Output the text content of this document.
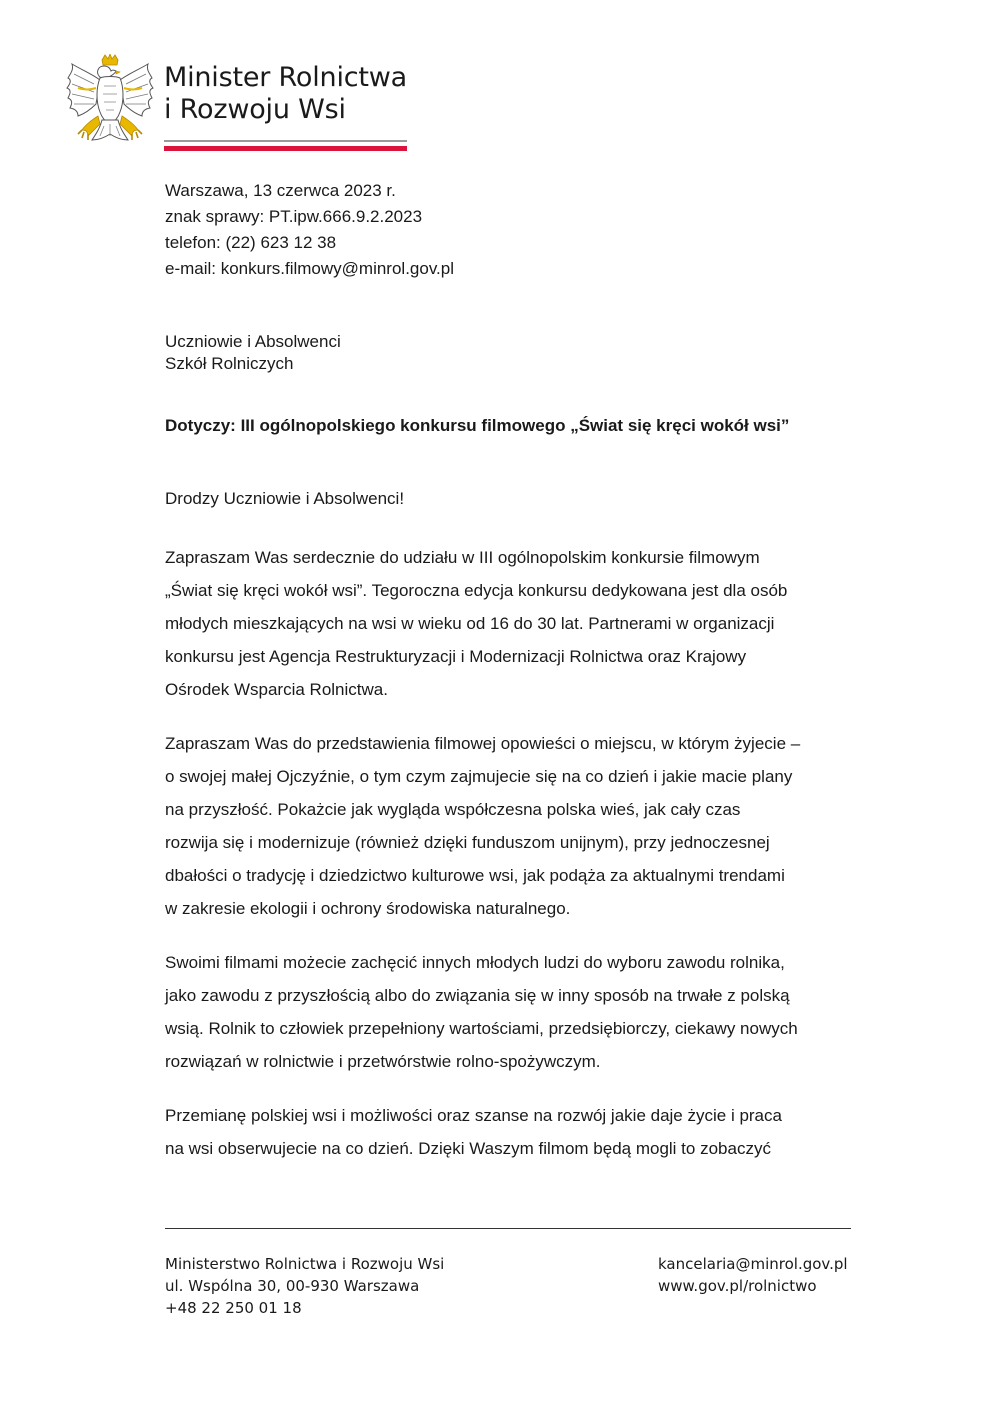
Minister Rolnictwa
i Rozwoju Wsi
Warszawa, 13 czerwca 2023 r.
znak sprawy: PT.ipw.666.9.2.2023
telefon: (22) 623 12 38
e-mail: konkurs.filmowy@minrol.gov.pl
Uczniowie i Absolwenci
Szkół Rolniczych
Dotyczy: III ogólnopolskiego konkursu filmowego „Świat się kręci wokół wsi”
Drodzy Uczniowie i Absolwenci!
Zapraszam Was serdecznie do udziału w III ogólnopolskim konkursie filmowym
„Świat się kręci wokół wsi”. Tegoroczna edycja konkursu dedykowana jest dla osób
młodych mieszkających na wsi w wieku od 16 do 30 lat. Partnerami w organizacji
konkursu jest Agencja Restrukturyzacji i Modernizacji Rolnictwa oraz Krajowy
Ośrodek Wsparcia Rolnictwa.
Zapraszam Was do przedstawienia filmowej opowieści o miejscu, w którym żyjecie –
o swojej małej Ojczyźnie, o tym czym zajmujecie się na co dzień i jakie macie plany
na przyszłość. Pokażcie jak wygląda współczesna polska wieś, jak cały czas
rozwija się i modernizuje (również dzięki funduszom unijnym), przy jednoczesnej
dbałości o tradycję i dziedzictwo kulturowe wsi, jak podąża za aktualnymi trendami
w zakresie ekologii i ochrony środowiska naturalnego.
Swoimi filmami możecie zachęcić innych młodych ludzi do wyboru zawodu rolnika,
jako zawodu z przyszłością albo do związania się w inny sposób na trwałe z polską
wsią. Rolnik to człowiek przepełniony wartościami, przedsiębiorczy, ciekawy nowych
rozwiązań w rolnictwie i przetwórstwie rolno-spożywczym.
Przemianę polskiej wsi i możliwości oraz szanse na rozwój jakie daje życie i praca
na wsi obserwujecie na co dzień. Dzięki Waszym filmom będą mogli to zobaczyć
Ministerstwo Rolnictwa i Rozwoju Wsi
ul. Wspólna 30, 00-930 Warszawa
+48 22 250 01 18
kancelaria@minrol.gov.pl
www.gov.pl/rolnictwo
